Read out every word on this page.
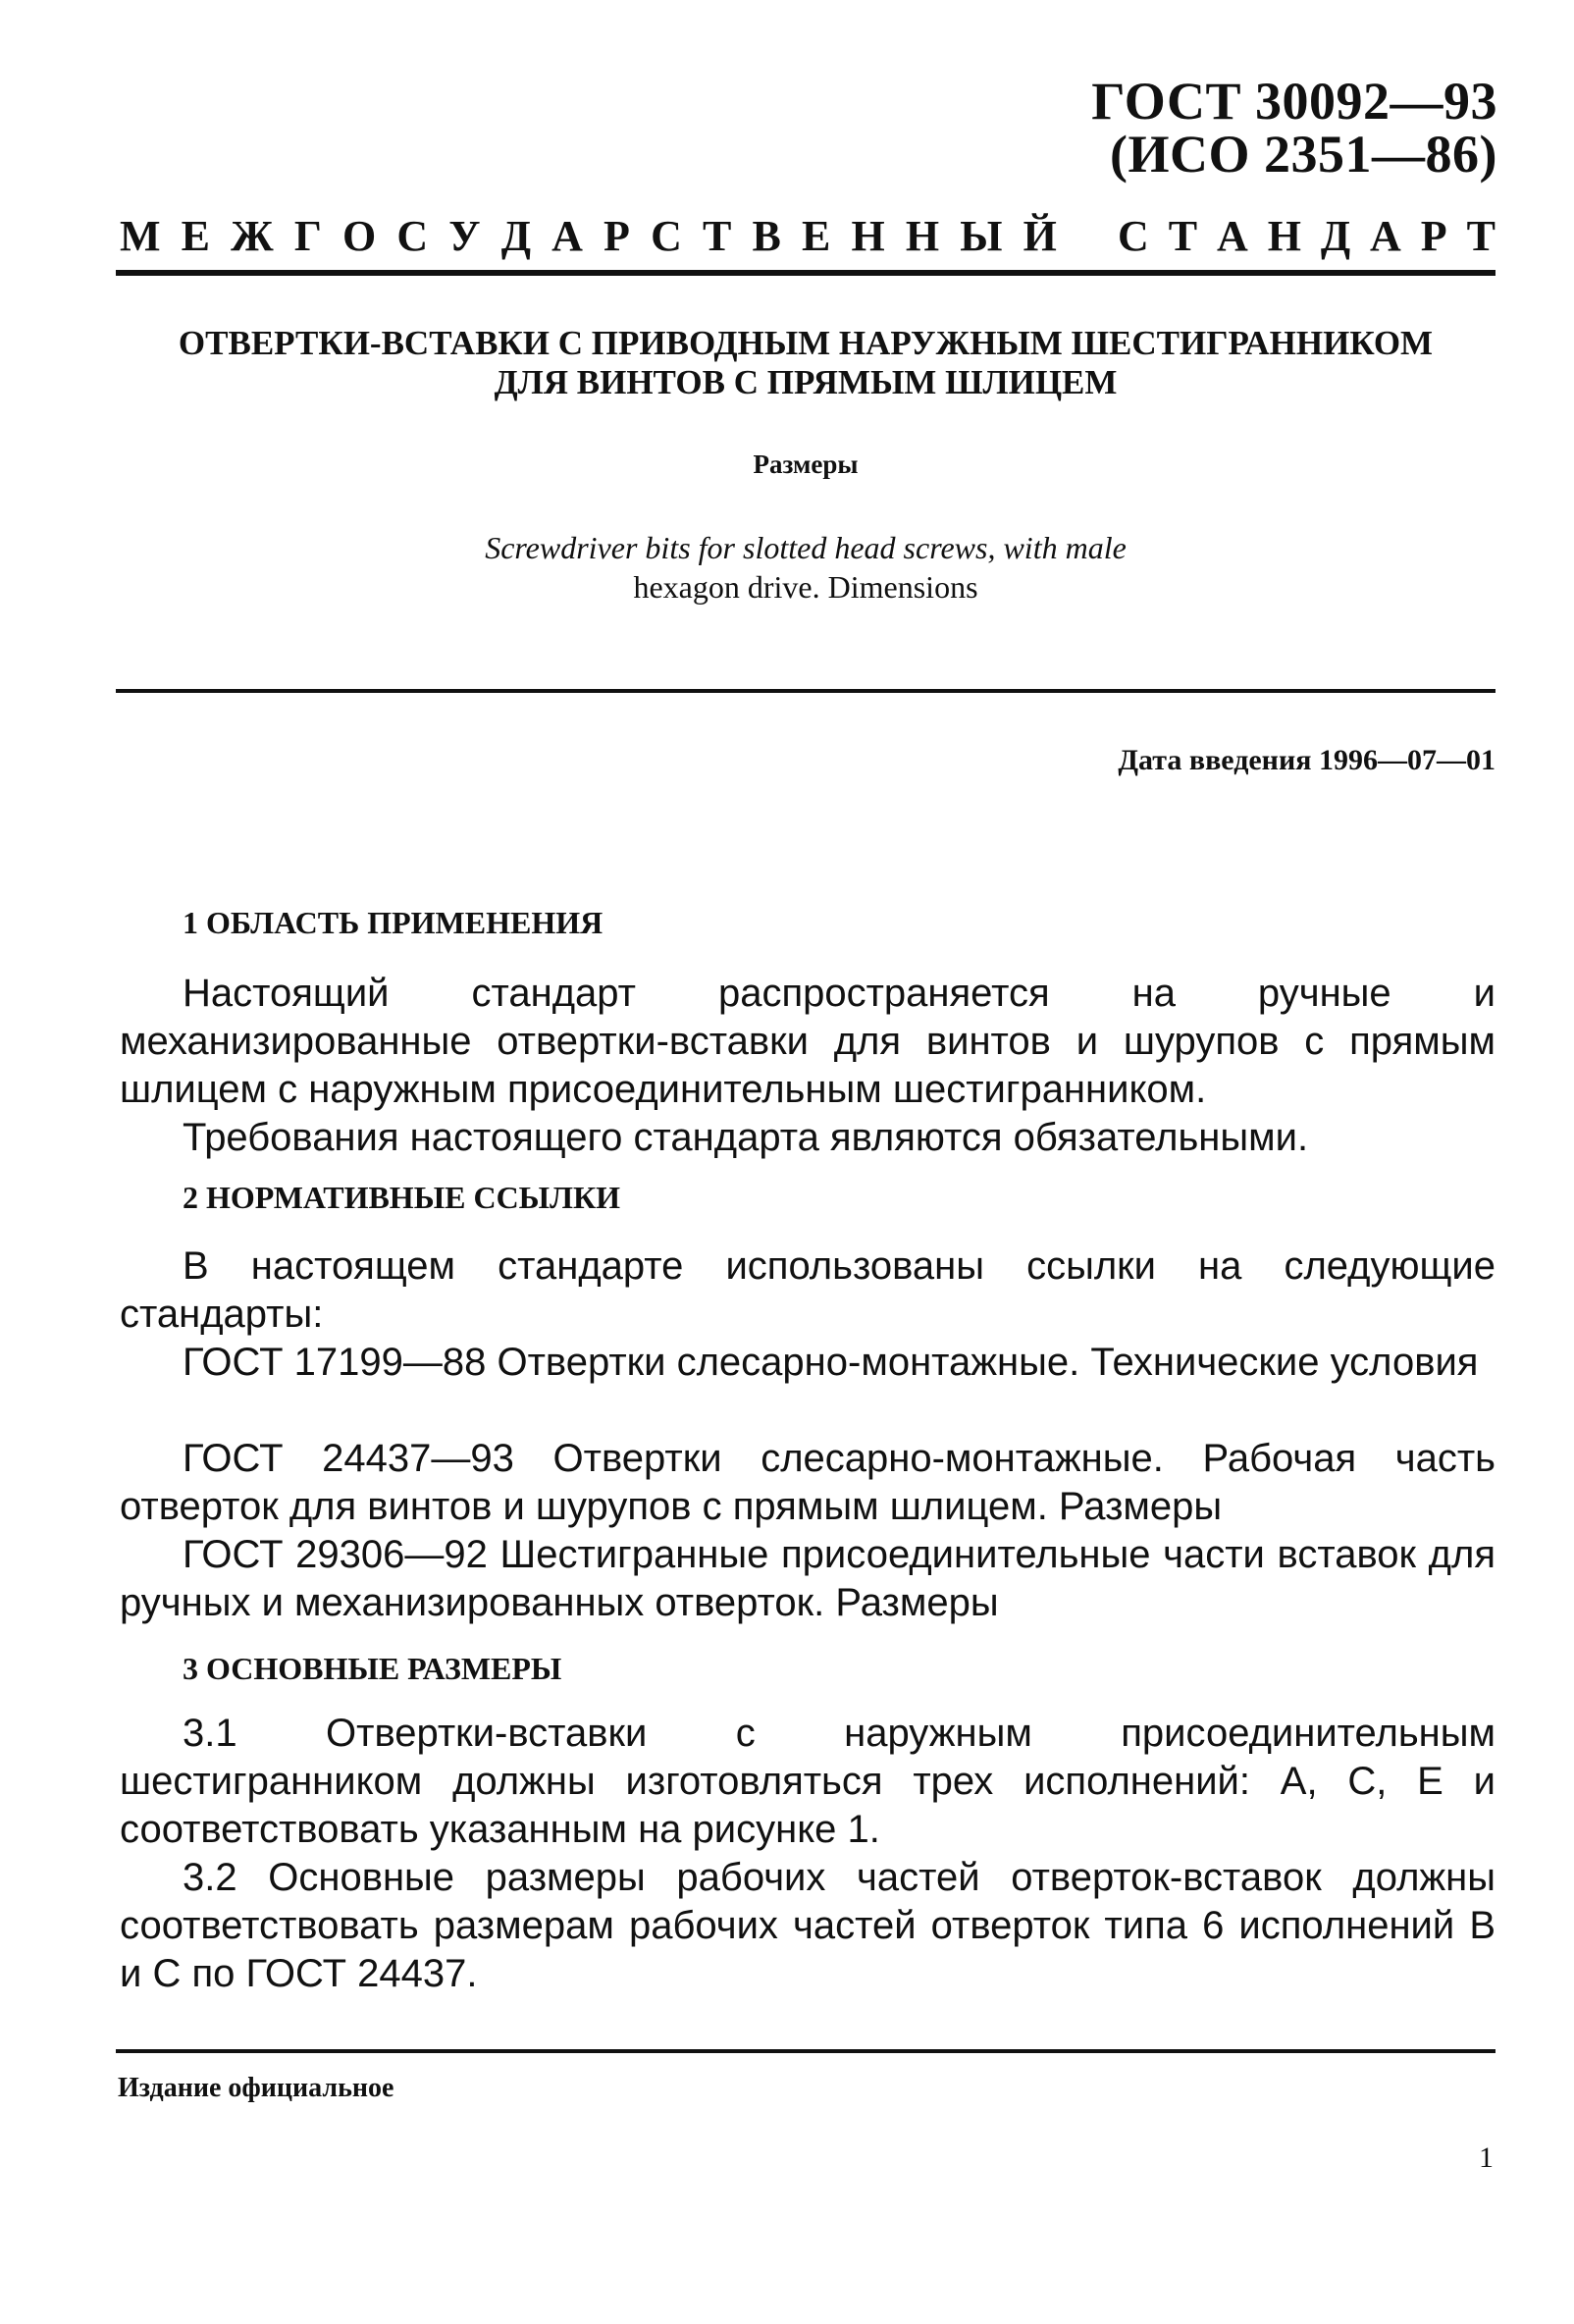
ГОСТ 30092—93
(ИСО 2351—86)
М Е Ж Г О С У Д А Р С Т В Е Н Н Ы Й С Т А Н Д А Р Т
ОТВЕРТКИ-ВСТАВКИ С ПРИВОДНЫМ НАРУЖНЫМ ШЕСТИГРАННИКОМ
ДЛЯ ВИНТОВ С ПРЯМЫМ ШЛИЦЕМ
Размеры
Screwdriver bits for slotted head screws, with male
hexagon drive. Dimensions
Дата введения 1996—07—01
1 ОБЛАСТЬ ПРИМЕНЕНИЯ
Настоящий стандарт распространяется на ручные и механизированные отвертки-вставки для винтов и шурупов с прямым шлицем с наружным присоединительным шестигранником.
Требования настоящего стандарта являются обязательными.
2 НОРМАТИВНЫЕ ССЫЛКИ
В настоящем стандарте использованы ссылки на следующие стандарты:
ГОСТ 17199—88 Отвертки слесарно-монтажные. Технические условия
ГОСТ 24437—93 Отвертки слесарно-монтажные. Рабочая часть отверток для винтов и шурупов с прямым шлицем. Размеры
ГОСТ 29306—92 Шестигранные присоединительные части вставок для ручных и механизированных отверток. Размеры
3 ОСНОВНЫЕ РАЗМЕРЫ
3.1 Отвертки-вставки с наружным присоединительным шестигранником должны изготовляться трех исполнений: А, С, Е и соответствовать указанным на рисунке 1.
3.2 Основные размеры рабочих частей отверток-вставок должны соответствовать размерам рабочих частей отверток типа 6 исполнений В и С по ГОСТ 24437.
Издание официальное
1
